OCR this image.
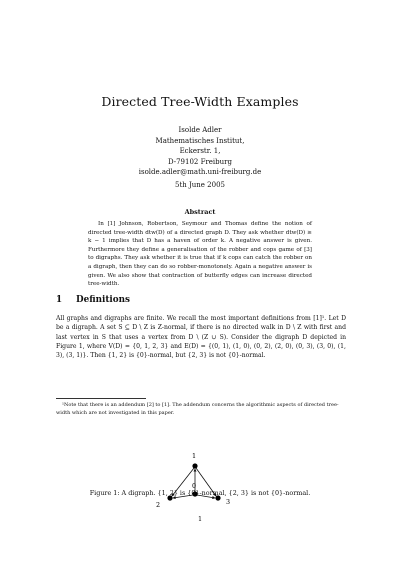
Directed Tree-Width Examples
Isolde Adler
Mathematisches Institut,
Eckerstr. 1,
D-79102 Freiburg
isolde.adler@math.uni-freiburg.de
5th June 2005
Abstract
In [1] Johnson, Robertson, Seymour and Thomas define the notion of directed tree-width dtw(D) of a directed graph D. They ask whether dtw(D) ≥ k − 1 implies that D has a haven of order k. A negative answer is given. Furthermore they define a generalisation of the robber and cops game of [3] to digraphs. They ask whether it is true that if k cops can catch the robber on a digraph, then they can do so robber-monotonely. Again a negative answer is given. We also show that contraction of butterfly edges can increase directed tree-width.
1 Definitions
All graphs and digraphs are finite. We recall the most important definitions from [1]¹. Let D be a digraph. A set S ⊆ D \ Z is Z-normal, if there is no directed walk in D \ Z with first and last vertex in S that uses a vertex from D \ (Z ∪ S). Consider the digraph D depicted in Figure 1, where V(D) = {0, 1, 2, 3} and E(D) = {(0, 1), (1, 0), (0, 2), (2, 0), (0, 3), (3, 0), (1, 3), (3, 1)}. Then {1, 2} is {0}-normal, but {2, 3} is not {0}-normal.
¹Note that there is an addendum [2] to [1]. The addendum concerns the algorithmic aspects of directed tree-width which are not investigated in this paper.
1
0
2	3
Figure 1: A digraph. {1, 2} is {0}-normal, {2, 3} is not {0}-normal.
1
